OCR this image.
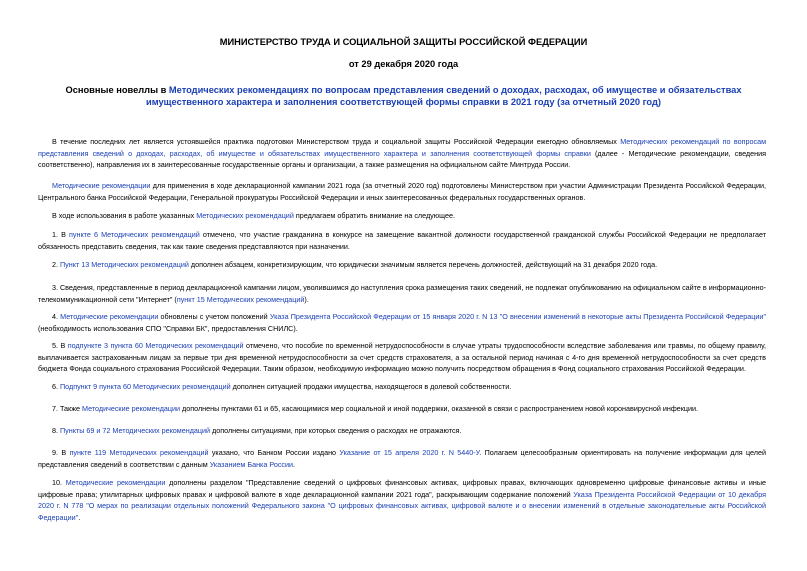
МИНИСТЕРСТВО ТРУДА И СОЦИАЛЬНОЙ ЗАЩИТЫ РОССИЙСКОЙ ФЕДЕРАЦИИ
от 29 декабря 2020 года
Основные новеллы в Методических рекомендациях по вопросам представления сведений о доходах, расходах, об имуществе и обязательствах имущественного характера и заполнения соответствующей формы справки в 2021 году (за отчетный 2020 год)
В течение последних лет является устоявшейся практика подготовки Министерством труда и социальной защиты Российской Федерации ежегодно обновляемых Методических рекомендаций по вопросам представления сведений о доходах, расходах, об имуществе и обязательствах имущественного характера и заполнения соответствующей формы справки (далее - Методические рекомендации, сведения соответственно), направления их в заинтересованные государственные органы и организации, а также размещения на официальном сайте Минтруда России.
Методические рекомендации для применения в ходе декларационной кампании 2021 года (за отчетный 2020 год) подготовлены Министерством при участии Администрации Президента Российской Федерации, Центрального банка Российской Федерации, Генеральной прокуратуры Российской Федерации и иных заинтересованных федеральных государственных органов.
В ходе использования в работе указанных Методических рекомендаций предлагаем обратить внимание на следующее.
1. В пункте 6 Методических рекомендаций отмечено, что участие гражданина в конкурсе на замещение вакантной должности государственной гражданской службы Российской Федерации не предполагает обязанность представить сведения, так как такие сведения представляются при назначении.
2. Пункт 13 Методических рекомендаций дополнен абзацем, конкретизирующим, что юридически значимым является перечень должностей, действующий на 31 декабря 2020 года.
3. Сведения, представленные в период декларационной кампании лицом, уволившимся до наступления срока размещения таких сведений, не подлежат опубликованию на официальном сайте в информационно-телекоммуникационной сети "Интернет" (пункт 15 Методических рекомендаций).
4. Методические рекомендации обновлены с учетом положений Указа Президента Российской Федерации от 15 января 2020 г. N 13 "О внесении изменений в некоторые акты Президента Российской Федерации" (необходимость использования СПО "Справки БК", предоставления СНИЛС).
5. В подпункте 3 пункта 60 Методических рекомендаций отмечено, что пособие по временной нетрудоспособности в случае утраты трудоспособности вследствие заболевания или травмы, по общему правилу, выплачивается застрахованным лицам за первые три дня временной нетрудоспособности за счет средств страхователя, а за остальной период начиная с 4-го дня временной нетрудоспособности за счет средств бюджета Фонда социального страхования Российской Федерации. Таким образом, необходимую информацию можно получить посредством обращения в Фонд социального страхования Российской Федерации.
6. Подпункт 9 пункта 60 Методических рекомендаций дополнен ситуацией продажи имущества, находящегося в долевой собственности.
7. Также Методические рекомендации дополнены пунктами 61 и 65, касающимися мер социальной и иной поддержки, оказанной в связи с распространением новой коронавирусной инфекции.
8. Пункты 69 и 72 Методических рекомендаций дополнены ситуациями, при которых сведения о расходах не отражаются.
9. В пункте 119 Методических рекомендаций указано, что Банком России издано Указание от 15 апреля 2020 г. N 5440-У. Полагаем целесообразным ориентировать на получение информации для целей представления сведений в соответствии с данным Указанием Банка России.
10. Методические рекомендации дополнены разделом "Представление сведений о цифровых финансовых активах, цифровых правах, включающих одновременно цифровые финансовые активы и иные цифровые права; утилитарных цифровых правах и цифровой валюте в ходе декларационной кампании 2021 года", раскрывающим содержание положений Указа Президента Российской Федерации от 10 декабря 2020 г. N 778 "О мерах по реализации отдельных положений Федерального закона "О цифровых финансовых активах, цифровой валюте и о внесении изменений в отдельные законодательные акты Российской Федерации".
